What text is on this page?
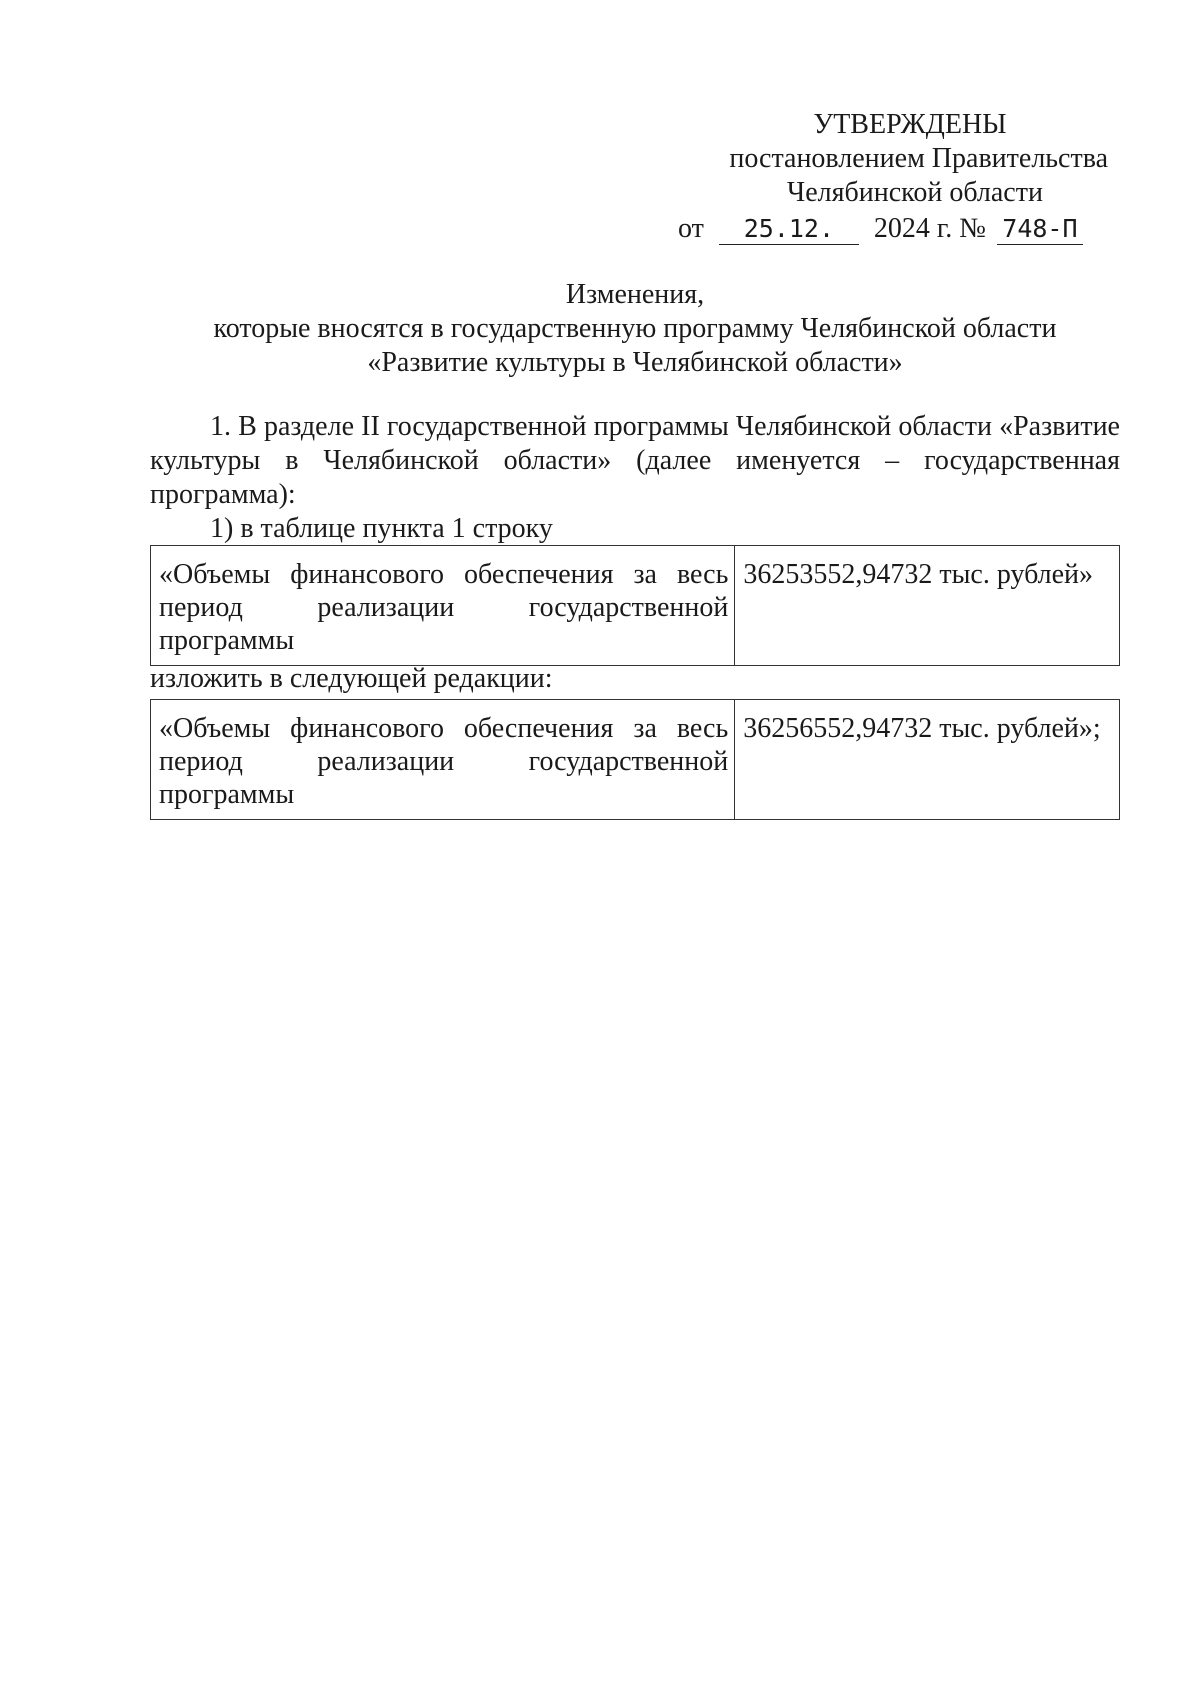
УТВЕРЖДЕНЫ
постановлением Правительства
Челябинской области
от 25.12. 2024 г. № 748-П
Изменения,
которые вносятся в государственную программу Челябинской области
«Развитие культуры в Челябинской области»
1. В разделе II государственной программы Челябинской области «Развитие культуры в Челябинской области» (далее именуется – государственная программа):
1) в таблице пункта 1 строку
«Объемы финансового обеспечения за весь период реализации государственной программы	36253552,94732 тыс. рублей»
изложить в следующей редакции:
«Объемы финансового обеспечения за весь период реализации государственной программы	36256552,94732 тыс. рублей»;
